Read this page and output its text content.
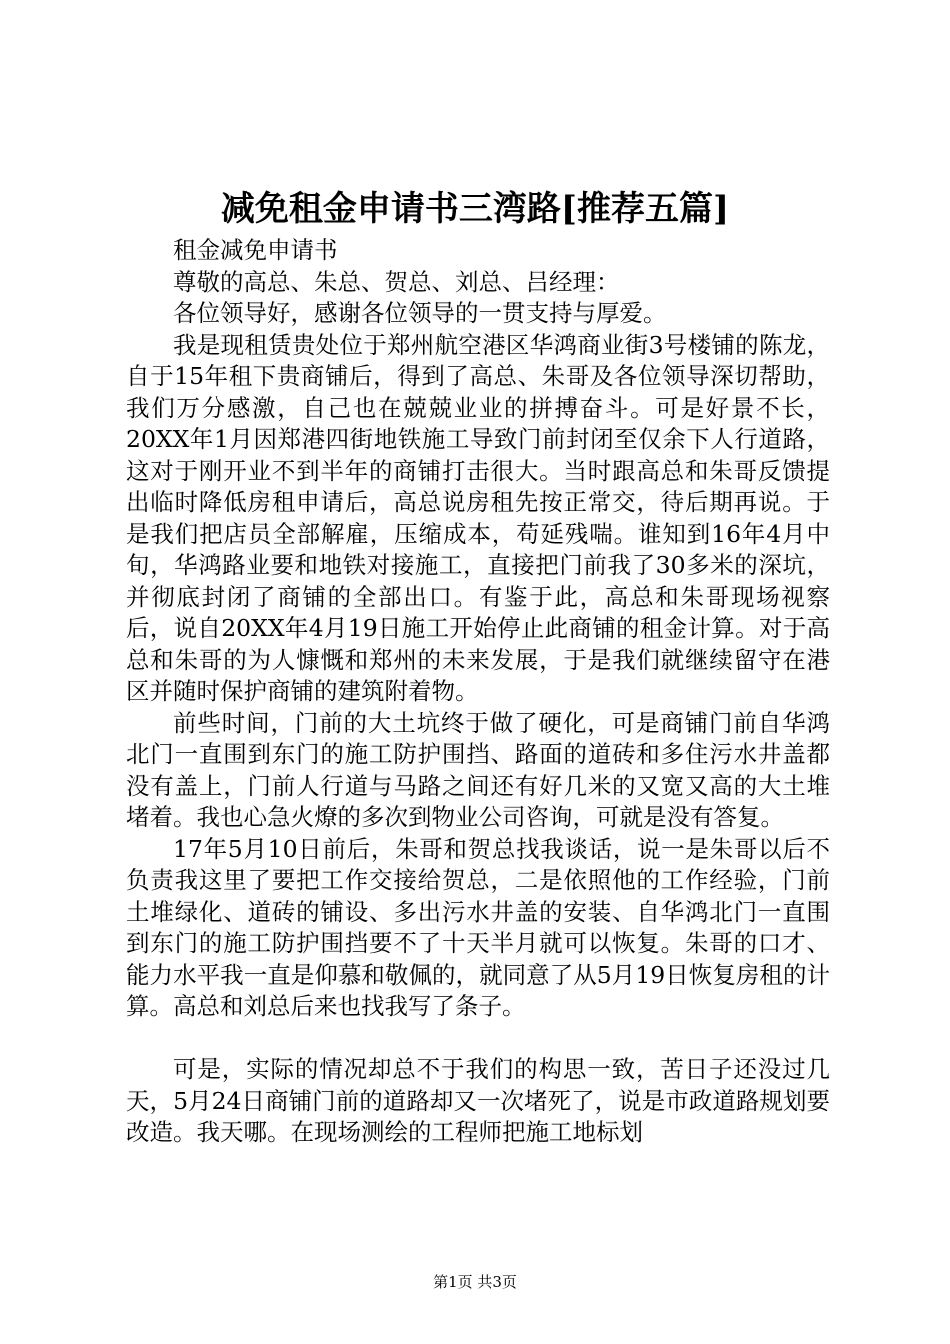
减免租金申请书三湾路[推荐五篇]

租金减免申请书

尊敬的高总、朱总、贺总、刘总、吕经理：

各位领导好，感谢各位领导的一贯支持与厚爱。

我是现租赁贵处位于郑州航空港区华鸿商业街3号楼铺的陈龙，自于15年租下贵商铺后，得到了高总、朱哥及各位领导深切帮助，我们万分感激，自己也在兢兢业业的拼搏奋斗。可是好景不长，20XX年1月因郑港四街地铁施工导致门前封闭至仅余下人行道路，这对于刚开业不到半年的商铺打击很大。当时跟高总和朱哥反馈提出临时降低房租申请后，高总说房租先按正常交，待后期再说。于是我们把店员全部解雇，压缩成本，苟延残喘。谁知到16年4月中旬，华鸿路业要和地铁对接施工，直接把门前我了30多米的深坑，并彻底封闭了商铺的全部出口。有鉴于此，高总和朱哥现场视察后，说自20XX年4月19日施工开始停止此商铺的租金计算。对于高总和朱哥的为人慷慨和郑州的未来发展，于是我们就继续留守在港区并随时保护商铺的建筑附着物。

前些时间，门前的大土坑终于做了硬化，可是商铺门前自华鸿北门一直围到东门的施工防护围挡、路面的道砖和多住污水井盖都没有盖上，门前人行道与马路之间还有好几米的又宽又高的大土堆堵着。我也心急火燎的多次到物业公司咨询，可就是没有答复。

17年5月10日前后，朱哥和贺总找我谈话，说一是朱哥以后不负责我这里了要把工作交接给贺总，二是依照他的工作经验，门前土堆绿化、道砖的铺设、多出污水井盖的安装、自华鸿北门一直围到东门的施工防护围挡要不了十天半月就可以恢复。朱哥的口才、能力水平我一直是仰慕和敬佩的，就同意了从5月19日恢复房租的计算。高总和刘总后来也找我写了条子。

可是，实际的情况却总不于我们的构思一致，苦日子还没过几天，5月24日商铺门前的道路却又一次堵死了，说是市政道路规划要改造。我天哪。在现场测绘的工程师把施工地标划

第1页 共3页
